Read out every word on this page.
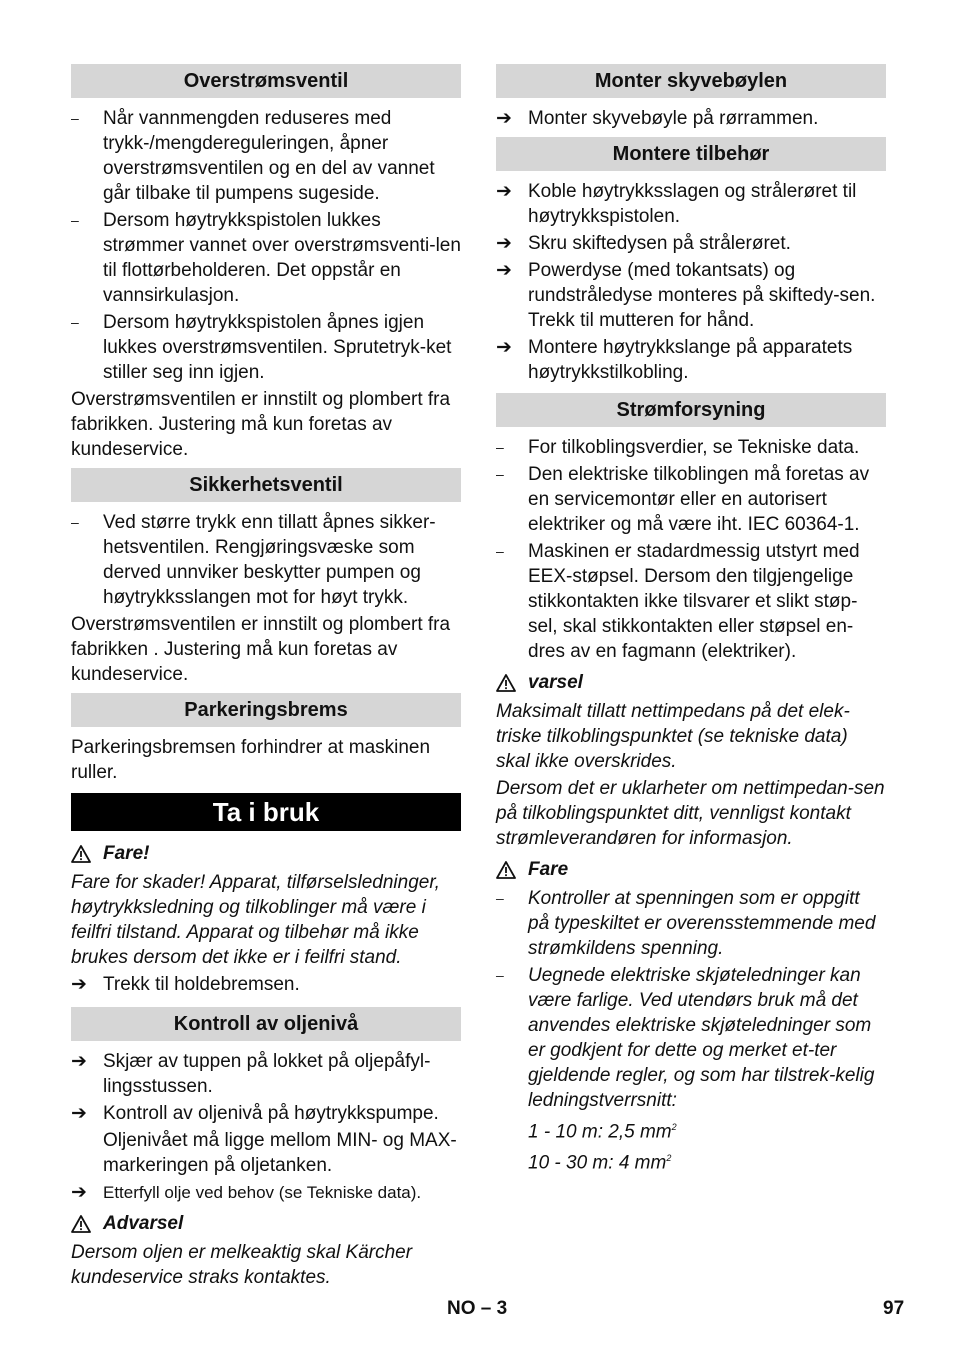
Overstrømsventil
– Når vannmengden reduseres med trykk-/mengdereguleringen, åpner overstrømsventilen og en del av vannet går tilbake til pumpens sugeside.
– Dersom høytrykkspistolen lukkes strømmer vannet over overstrømsventi-len til flottørbeholderen. Det oppstår en vannsirkulasjon.
– Dersom høytrykkspistolen åpnes igjen lukkes overstrømsventilen. Sprutetryk-ket stiller seg inn igjen.
Overstrømsventilen er innstilt og plombert fra fabrikken. Justering må kun foretas av kundeservice.
Sikkerhetsventil
– Ved større trykk enn tillatt åpnes sikker-hetsventilen. Rengjøringsvæske som derved unnviker beskytter pumpen og høytrykksslangen mot for høyt trykk.
Overstrømsventilen er innstilt og plombert fra fabrikken . Justering må kun foretas av kundeservice.
Parkeringsbrems
Parkeringsbremsen forhindrer at maskinen ruller.
Ta i bruk
Fare!
Fare for skader! Apparat, tilførselsledninger, høytrykksledning og tilkoblinger må være i feilfri tilstand. Apparat og tilbehør må ikke brukes dersom det ikke er i feilfri stand.
➔ Trekk til holdebremsen.
Kontroll av oljenivå
➔ Skjær av tuppen på lokket på oljepåfyl-lingsstussen.
➔ Kontroll av oljenivå på høytrykkspumpe.
Oljenivået må ligge mellom MIN- og MAX-markeringen på oljetanken.
➔ Etterfyll olje ved behov (se Tekniske data).
Advarsel
Dersom oljen er melkeaktig skal Kärcher kundeservice straks kontaktes.
Monter skyvebøylen
➔ Monter skyvebøyle på rørrammen.
Montere tilbehør
➔ Koble høytrykksslagen og strålerøret til høytrykkspistolen.
➔ Skru skiftedysen på strålerøret.
➔ Powerdyse (med tokantsats) og rundstråledyse monteres på skiftedy-sen. Trekk til mutteren for hånd.
➔ Montere høytrykkslange på apparatets høytrykkstilkobling.
Strømforsyning
– For tilkoblingsverdier, se Tekniske data.
– Den elektriske tilkoblingen må foretas av en servicemontør eller en autorisert elektriker og må være iht. IEC 60364-1.
– Maskinen er stadardmessig utstyrt med EEX-støpsel. Dersom den tilgjengelige stikkontakten ikke tilsvarer et slikt støp-sel, skal stikkontakten eller støpsel en-dres av en fagmann (elektriker).
varsel
Maksimalt tillatt nettimpedans på det elek-triske tilkoblingspunktet (se tekniske data) skal ikke overskrides.
Dersom det er uklarheter om nettimpedan-sen på tilkoblingspunktet ditt, vennligst kontakt strømleverandøren for informasjon.
Fare
– Kontroller at spenningen som er oppgitt på typeskiltet er overensstemmende med strømkildens spenning.
– Uegnede elektriske skjøteledninger kan være farlige. Ved utendørs bruk må det anvendes elektriske skjøteledninger som er godkjent for dette og merket et-ter gjeldende regler, og som har tilstrek-kelig ledningstverrsnitt:
1 - 10 m: 2,5 $mm^2$
10 - 30 m: 4 $mm^2$
NO – 3	97
